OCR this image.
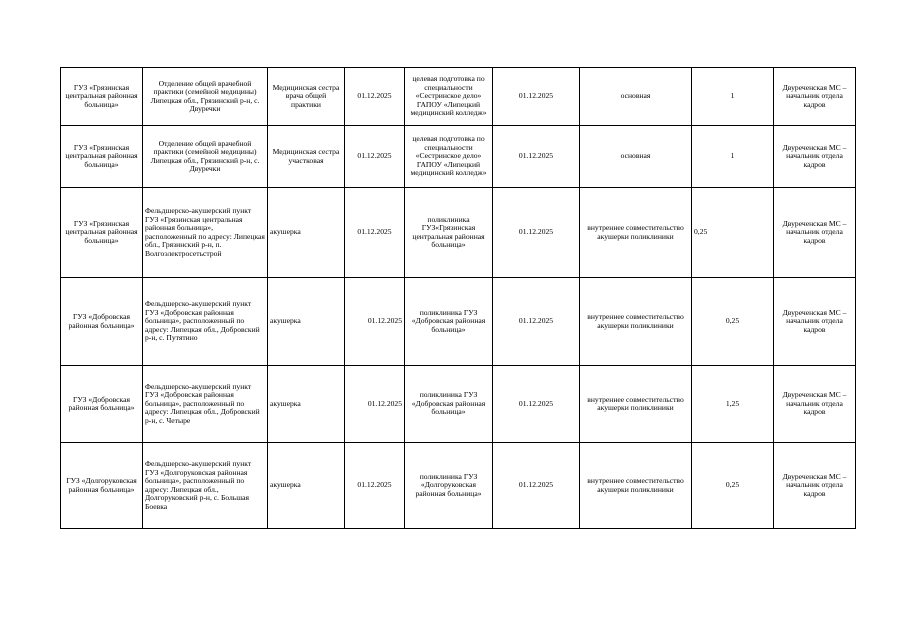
ГУЗ «Грязинская центральная районная больница»	Отделение общей врачебной практики (семейной медицины) Липецкая обл., Грязинский р-н, с. Двуречки	Медицинская сестра врача общей практики	01.12.2025	целевая подготовка по специальности «Сестринское дело» ГАПОУ «Липецкий медицинский колледж»	01.12.2025	основная	1	Двуреченская МС – начальник отдела кадров
ГУЗ «Грязинская центральная районная больница»	Отделение общей врачебной практики (семейной медицины) Липецкая обл., Грязинский р-н, с. Двуречки	Медицинская сестра участковая	01.12.2025	целевая подготовка по специальности «Сестринское дело» ГАПОУ «Липецкий медицинский колледж»	01.12.2025	основная	1	Двуреченская МС – начальник отдела кадров
ГУЗ «Грязинская центральная районная больница»	Фельдшерско-акушерский пункт ГУЗ «Грязинская центральная районная больница», расположенный по адресу: Липецкая обл., Грязинский р-н, п. Волгоэлектросетьстрой	акушерка	01.12.2025	поликлиника ГУЗ«Грязинская центральная районная больница»	01.12.2025	внутреннее совместительство акушерки поликлиники	0,25	Двуреченская МС – начальник отдела кадров
ГУЗ «Добровская районная больница»	Фельдшерско-акушерский пункт ГУЗ «Добровская районная больница», расположенный по адресу: Липецкая обл., Добровский р-н, с. Путятино	акушерка	01.12.2025	поликлиника ГУЗ «Добровская районная больница»	01.12.2025	внутреннее совместительство акушерки поликлиники	0,25	Двуреченская МС – начальник отдела кадров
ГУЗ «Добровская районная больница»	Фельдшерско-акушерский пункт ГУЗ «Добровская районная больница», расположенный по адресу: Липецкая обл., Добровский р-н, с. Четыре	акушерка	01.12.2025	поликлиника ГУЗ «Добровская районная больница»	01.12.2025	внутреннее совместительство акушерки поликлиники	1,25	Двуреченская МС – начальник отдела кадров
ГУЗ «Долгоруковская районная больница»	Фельдшерско-акушерский пункт ГУЗ «Долгоруковская районная больница», расположенный по адресу: Липецкая обл., Долгоруковский р-н, с. Большая Боевка	акушерка	01.12.2025	поликлиника ГУЗ «Долгоруковская районная больница»	01.12.2025	внутреннее совместительство акушерки поликлиники	0,25	Двуреченская МС – начальник отдела кадров
